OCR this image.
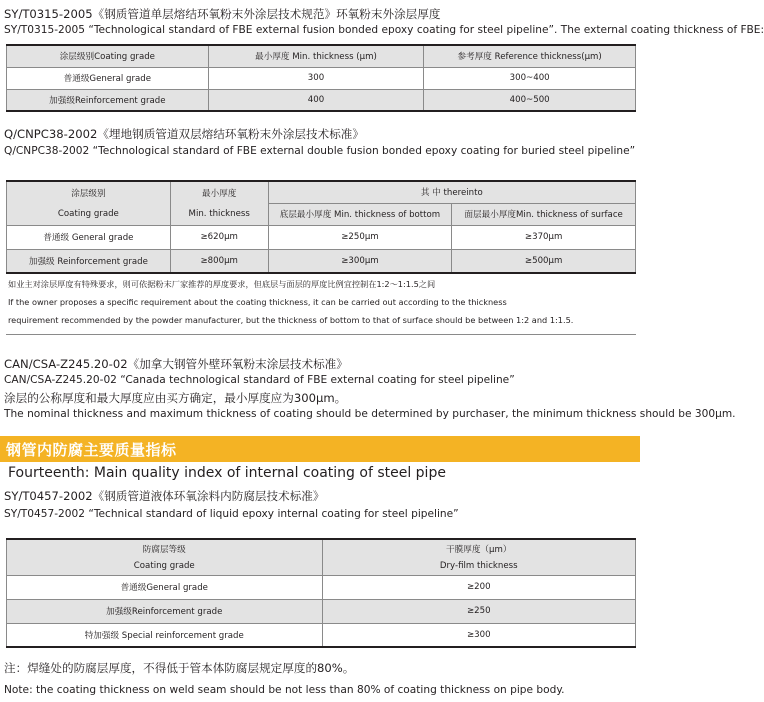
SY/T0315-2005《钢质管道单层熔结环氧粉末外涂层技术规范》环氧粉末外涂层厚度
SY/T0315-2005 “Technological standard of FBE external fusion bonded epoxy coating for steel pipeline”. The external coating thickness of FBE:
涂层级别Coating grade	最小厚度 Min. thickness (μm)	参考厚度 Reference thickness(μm)
普通级General grade	300	300~400
加强级Reinforcement grade	400	400~500
Q/CNPC38-2002《埋地钢质管道双层熔结环氧粉末外涂层技术标准》
Q/CNPC38-2002 “Technological standard of FBE external double fusion bonded epoxy coating for buried steel pipeline”
涂层级别	最小厚度	其 中 thereinto	
Coating grade	Min. thickness	底层最小厚度 Min. thickness of bottom	面层最小厚度Min. thickness of surface
普通级 General grade	≥620μm	≥250μm	≥370μm
加强级 Reinforcement grade	≥800μm	≥300μm	≥500μm
如业主对涂层厚度有特殊要求，则可依据粉末厂家推荐的厚度要求，但底层与面层的厚度比例宜控制在1:2～1:1.5之间
If the owner proposes a specific requirement about the coating thickness, it can be carried out according to the thickness
requirement recommended by the powder manufacturer, but the thickness of bottom to that of surface should be between 1:2 and 1:1.5.
CAN/CSA-Z245.20-02《加拿大钢管外壁环氧粉末涂层技术标准》
CAN/CSA-Z245.20-02 “Canada technological standard of FBE external coating for steel pipeline”
涂层的公称厚度和最大厚度应由买方确定，最小厚度应为300μm。
The nominal thickness and maximum thickness of coating should be determined by purchaser, the minimum thickness should be 300μm.
钢管内防腐主要质量指标
Fourteenth: Main quality index of internal coating of steel pipe
SY/T0457-2002《钢质管道液体环氧涂料内防腐层技术标准》
SY/T0457-2002 “Technical standard of liquid epoxy internal coating for steel pipeline”
防腐层等级	干膜厚度（μm）
Coating grade	Dry-film thickness
普通级General grade	≥200
加强级Reinforcement grade	≥250
特加强级 Special reinforcement grade	≥300
注：焊缝处的防腐层厚度，不得低于管本体防腐层规定厚度的80%。
Note: the coating thickness on weld seam should be not less than 80% of coating thickness on pipe body.
